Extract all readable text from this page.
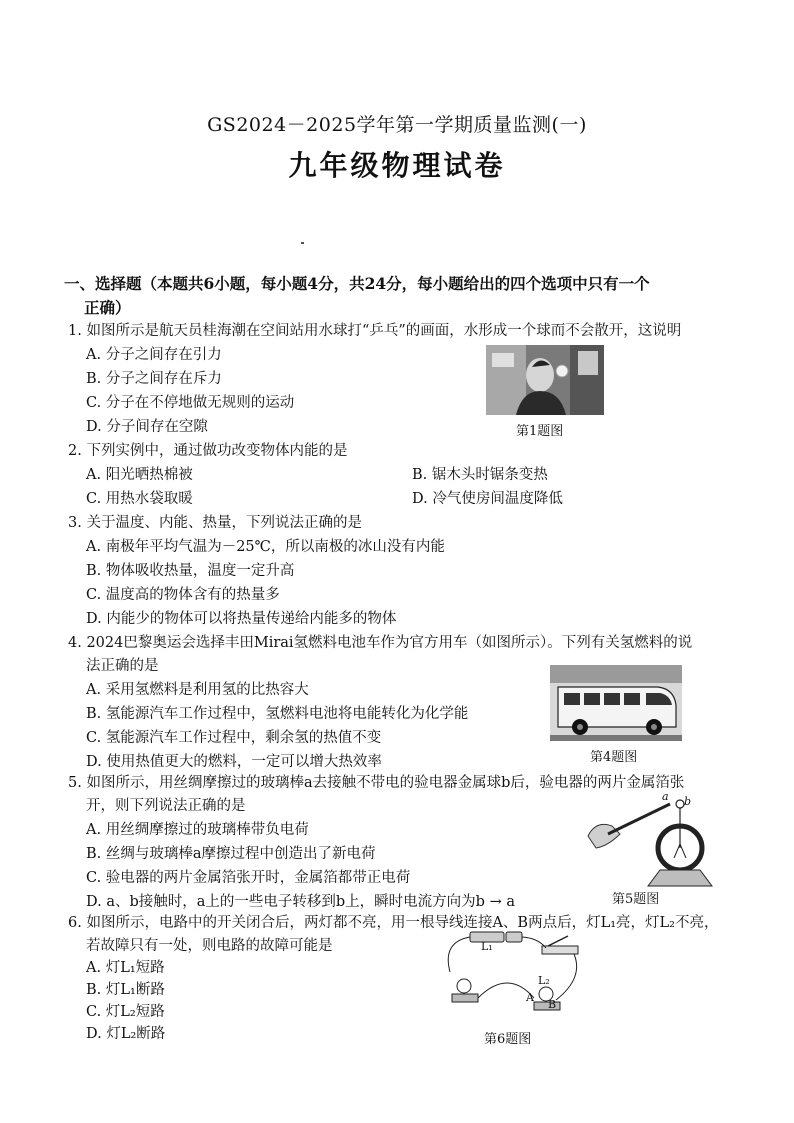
GS2024－2025学年第一学期质量监测(一)
九年级物理试卷
一、选择题（本题共6小题，每小题4分，共24分，每小题给出的四个选项中只有一个
正确）
1. 如图所示是航天员桂海潮在空间站用水球打“乒乓”的画面，水形成一个球而不会散开，这说明
A. 分子之间存在引力
B. 分子之间存在斥力
C. 分子在不停地做无规则的运动
D. 分子间存在空隙	第1题图
2. 下列实例中，通过做功改变物体内能的是
A. 阳光晒热棉被	B. 锯木头时锯条变热
C. 用热水袋取暖	D. 冷气使房间温度降低
3. 关于温度、内能、热量，下列说法正确的是
A. 南极年平均气温为－25℃，所以南极的冰山没有内能
B. 物体吸收热量，温度一定升高
C. 温度高的物体含有的热量多
D. 内能少的物体可以将热量传递给内能多的物体
4. 2024巴黎奥运会选择丰田Mirai氢燃料电池车作为官方用车（如图所示）。下列有关氢燃料的说
法正确的是
A. 采用氢燃料是利用氢的比热容大
B. 氢能源汽车工作过程中，氢燃料电池将电能转化为化学能
C. 氢能源汽车工作过程中，剩余氢的热值不变
D. 使用热值更大的燃料，一定可以增大热效率	第4题图
5. 如图所示，用丝绸摩擦过的玻璃棒a去接触不带电的验电器金属球b后，验电器的两片金属箔张
开，则下列说法正确的是
A. 用丝绸摩擦过的玻璃棒带负电荷
B. 丝绸与玻璃棒a摩擦过程中创造出了新电荷
C. 验电器的两片金属箔张开时，金属箔都带正电荷
D. a、b接触时，a上的一些电子转移到b上，瞬时电流方向为b → a
a b
第5题图
6. 如图所示，电路中的开关闭合后，两灯都不亮，用一根导线连接A、B两点后，灯L₁亮，灯L₂不亮，
若故障只有一处，则电路的故障可能是
A. 灯L₁短路
B. 灯L₁断路
C. 灯L₂短路
D. 灯L₂断路
L₁
L₂
A
B
第6题图
